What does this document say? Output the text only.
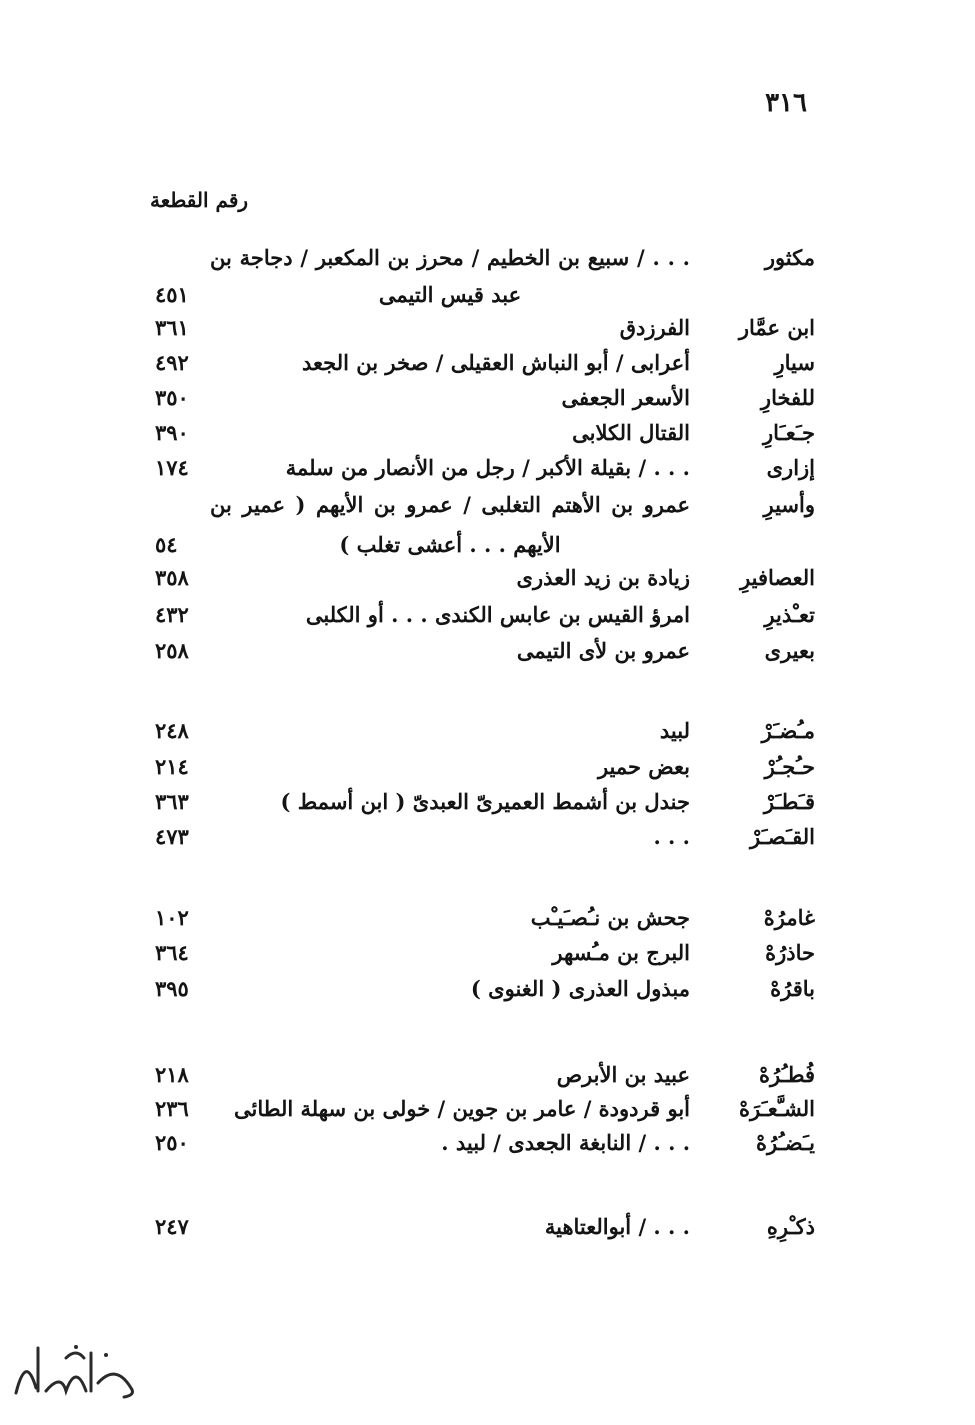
٣١٦
رقم القطعة
مكثور
. . . / سبيع بن الخطيم / محرز بن المكعبر / دجاجة بن
عبد قيس التيمى
٤٥١
ابن عمَّار
الفرزدق
٣٦١
سيارِ
أعرابى / أبو النباش العقيلى / صخر بن الجعد
٤٩٢
للفخارِ
الأسعر الجعفى
٣٥٠
جـَعـَارِ
القتال الكلابى
٣٩٠
إزارى
. . . / بقيلة الأكبر / رجل من الأنصار من سلمة
١٧٤
وأسيرِ
عمرو بن الأهتم التغلبى / عمرو بن الأيهم ( عمير بن
الأيهم . . . أعشى تغلب )
٥٤
العصافيرِ
زيادة بن زيد العذرى
٣٥٨
تعـْذيرِ
امرؤ القيس بن عابس الكندى . . . أو الكلبى
٤٣٢
بعيرى
عمرو بن لأى التيمى
٢٥٨
مـُضـَرْ
لبيد
٢٤٨
حـُجـُرْ
بعض حمير
٢١٤
قـَطـَرْ
جندل بن أشمط العميرىّ العبدىّ ( ابن أسمط )
٣٦٣
القـَصـَرْ
. . .
٤٧٣
غامرُهْ
جحش بن نـُصـَيـْب
١٠٢
حاذرُهْ
البرج بن مـُسهر
٣٦٤
باقرُهْ
مبذول العذرى ( الغنوى )
٣٩٥
فُطـُرُهْ
عبيد بن الأبرص
٢١٨
الشـَّعـَرَهْ
أبو قردودة / عامر بن جوين / خولى بن سهلة الطائى
٢٣٦
يـَضـُرُهْ
. . . / النابغة الجعدى / لبيد .
٢٥٠
ذكـْرِهِ
. . . / أبوالعتاهية
٢٤٧
